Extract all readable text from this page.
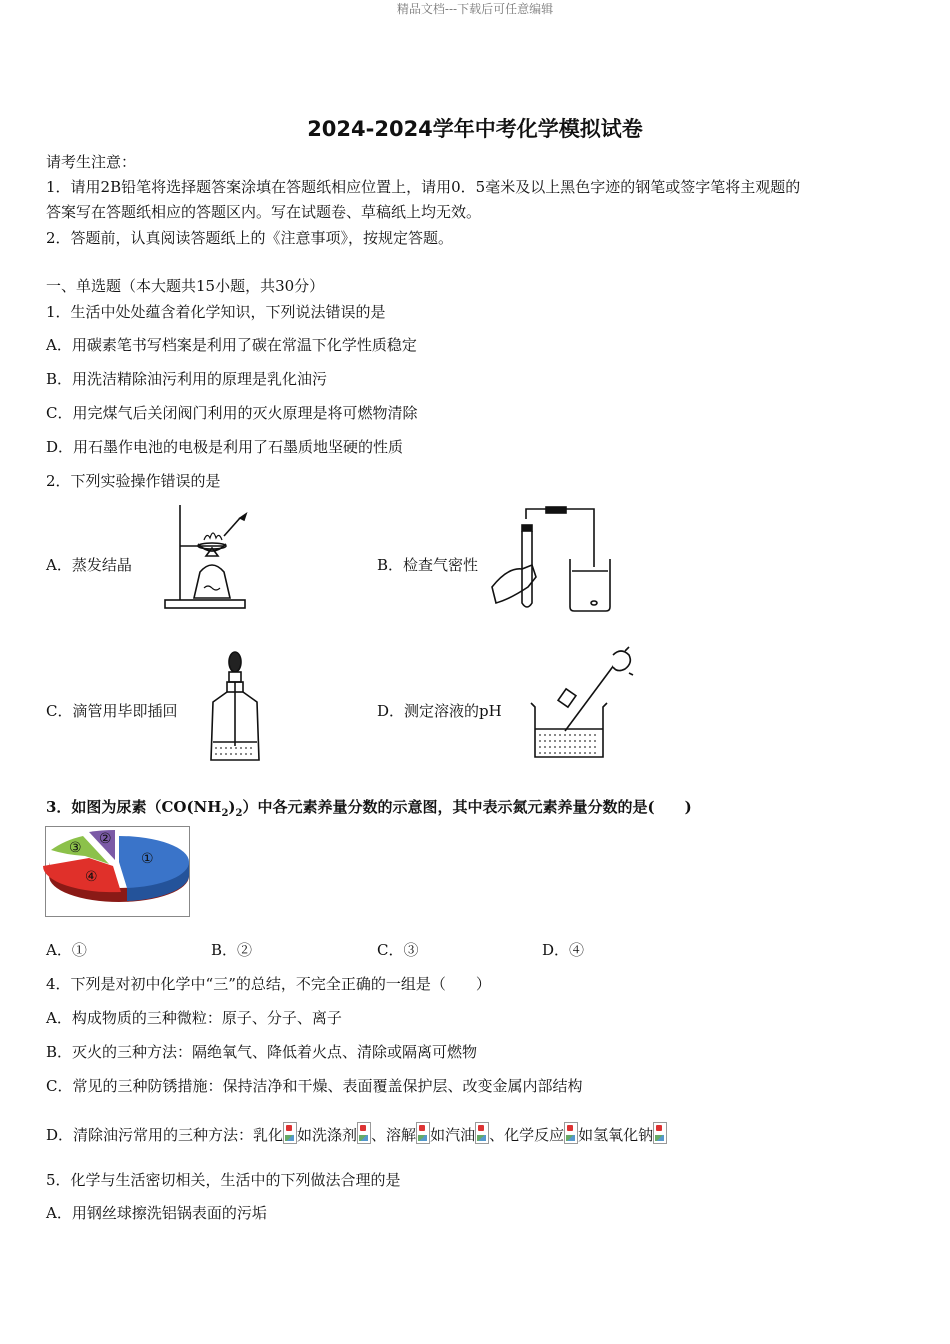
精品文档---下载后可任意编辑
2024-2024学年中考化学模拟试卷
请考生注意：
1．请用2B铅笔将选择题答案涂填在答题纸相应位置上，请用0．5毫米及以上黑色字迹的钢笔或签字笔将主观题的
答案写在答题纸相应的答题区内。写在试题卷、草稿纸上均无效。
2．答题前，认真阅读答题纸上的《注意事项》，按规定答题。
一、单选题（本大题共15小题，共30分）
1．生活中处处蕴含着化学知识，下列说法错误的是
A．用碳素笔书写档案是利用了碳在常温下化学性质稳定
B．用洗洁精除油污利用的原理是乳化油污
C．用完煤气后关闭阀门利用的灭火原理是将可燃物清除
D．用石墨作电池的电极是利用了石墨质地坚硬的性质
2．下列实验操作错误的是
A．蒸发结晶	B．检查气密性
C．滴管用毕即插回	D．测定溶液的pH
3．如图为尿素$(CO(NH_2)_2)$中各元素养量分数的示意图，其中表示氮元素养量分数的是(　　)
①
②
③
④
A．①	B．②	C．③	D．④
4．下列是对初中化学中“三”的总结，不完全正确的一组是（　　）
A．构成物质的三种微粒：原子、分子、离子
B．灭火的三种方法：隔绝氧气、降低着火点、清除或隔离可燃物
C．常见的三种防锈措施：保持洁净和干燥、表面覆盖保护层、改变金属内部结构
D．清除油污常用的三种方法：乳化 如洗涤剂 、溶解 如汽油 、化学反应 如氢氧化钠
5．化学与生活密切相关，生活中的下列做法合理的是
A．用钢丝球擦洗铝锅表面的污垢
